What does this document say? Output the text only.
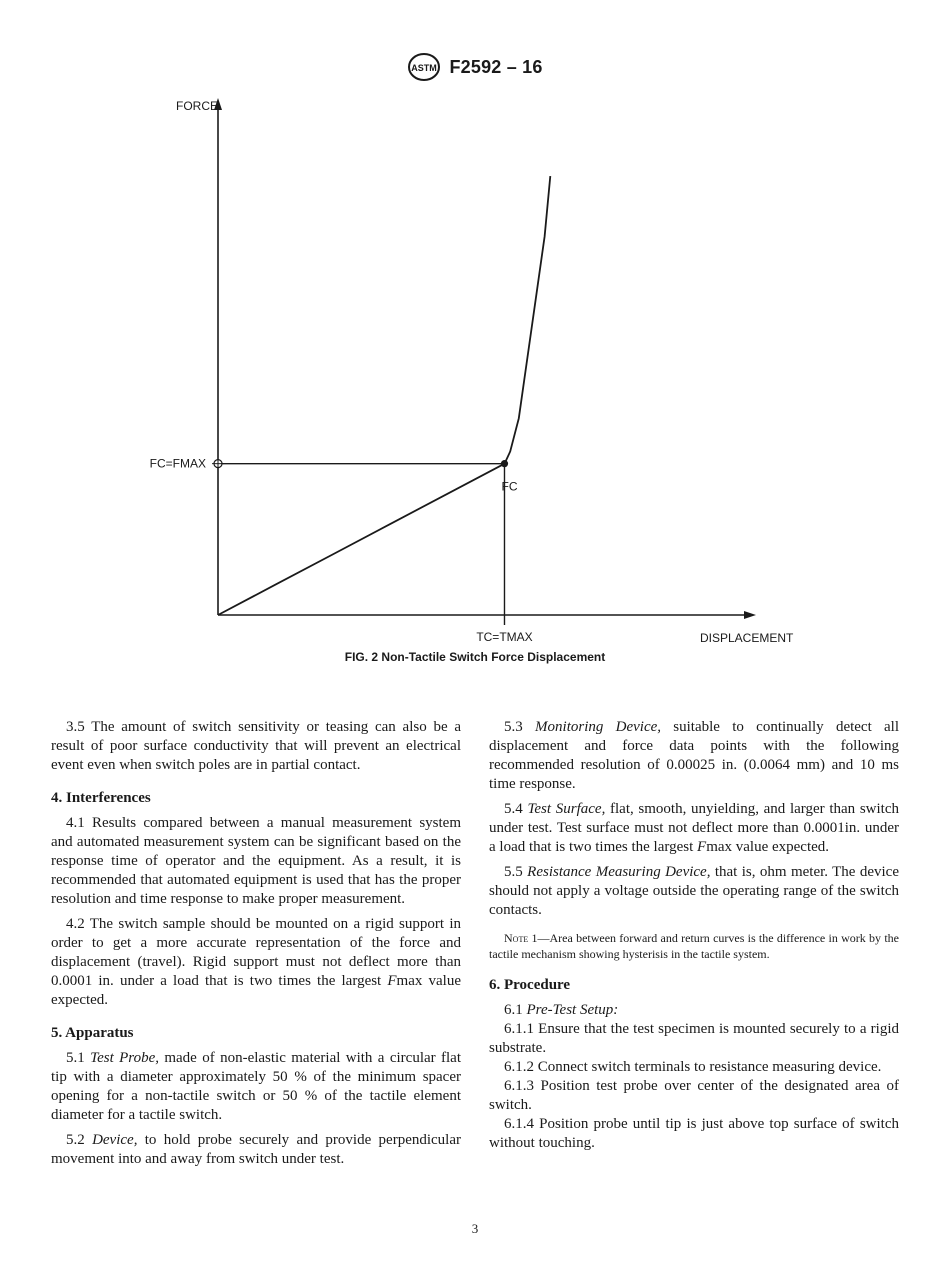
ASTM F2592 – 16
FORCE
DISPLACEMENT
FC=FMAX
FC
TC=TMAX
FIG. 2 Non-Tactile Switch Force Displacement

3.5 The amount of switch sensitivity or teasing can also be a result of poor surface conductivity that will prevent an electrical event even when switch poles are in partial contact.

4. Interferences

4.1 Results compared between a manual measurement system and automated measurement system can be significant based on the response time of operator and the equipment. As a result, it is recommended that automated equipment is used that has the proper resolution and time response to make proper measurement.

4.2 The switch sample should be mounted on a rigid support in order to get a more accurate representation of the force and displacement (travel). Rigid support must not deflect more than 0.0001 in. under a load that is two times the largest Fmax value expected.

5. Apparatus

5.1 Test Probe, made of non-elastic material with a circular flat tip with a diameter approximately 50 % of the minimum spacer opening for a non-tactile switch or 50 % of the tactile element diameter for a tactile switch.

5.2 Device, to hold probe securely and provide perpendicular movement into and away from switch under test.

5.3 Monitoring Device, suitable to continually detect all displacement and force data points with the following recommended resolution of 0.00025 in. (0.0064 mm) and 10 ms time response.

5.4 Test Surface, flat, smooth, unyielding, and larger than switch under test. Test surface must not deflect more than 0.0001in. under a load that is two times the largest Fmax value expected.

5.5 Resistance Measuring Device, that is, ohm meter. The device should not apply a voltage outside the operating range of the switch contacts.

Note 1—Area between forward and return curves is the difference in work by the tactile mechanism showing hysterisis in the tactile system.

6. Procedure

6.1 Pre-Test Setup:

6.1.1 Ensure that the test specimen is mounted securely to a rigid substrate.

6.1.2 Connect switch terminals to resistance measuring device.

6.1.3 Position test probe over center of the designated area of switch.

6.1.4 Position probe until tip is just above top surface of switch without touching.

3
